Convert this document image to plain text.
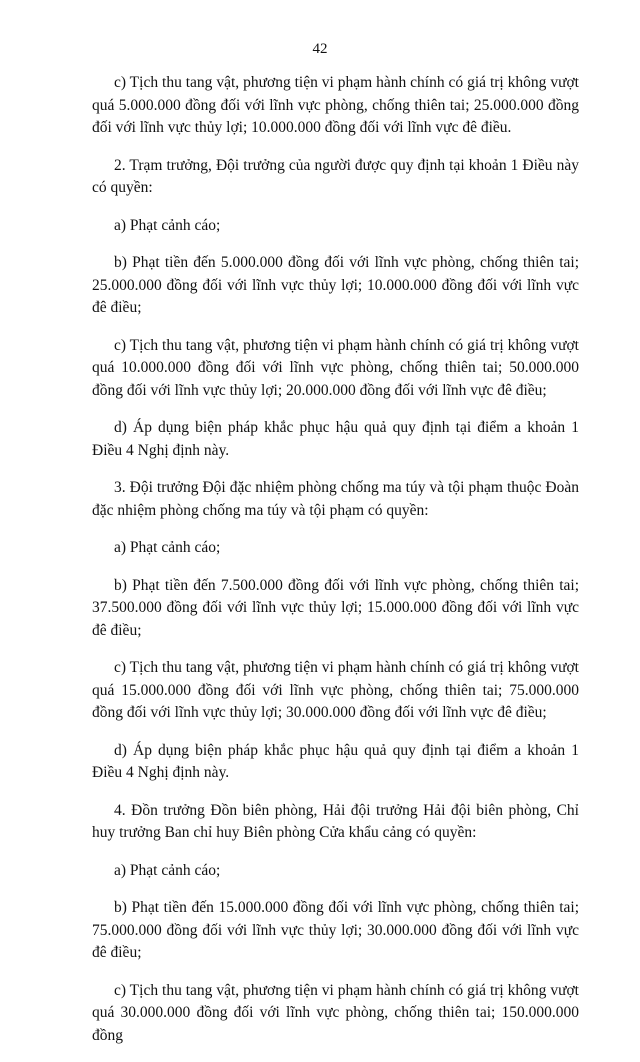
42

c) Tịch thu tang vật, phương tiện vi phạm hành chính có giá trị không vượt quá 5.000.000 đồng đối với lĩnh vực phòng, chống thiên tai; 25.000.000 đồng đối với lĩnh vực thủy lợi; 10.000.000 đồng đối với lĩnh vực đê điều.

2. Trạm trưởng, Đội trưởng của người được quy định tại khoản 1 Điều này có quyền:

a) Phạt cảnh cáo;

b) Phạt tiền đến 5.000.000 đồng đối với lĩnh vực phòng, chống thiên tai; 25.000.000 đồng đối với lĩnh vực thủy lợi; 10.000.000 đồng đối với lĩnh vực đê điều;

c) Tịch thu tang vật, phương tiện vi phạm hành chính có giá trị không vượt quá 10.000.000 đồng đối với lĩnh vực phòng, chống thiên tai; 50.000.000 đồng đối với lĩnh vực thủy lợi; 20.000.000 đồng đối với lĩnh vực đê điều;

d) Áp dụng biện pháp khắc phục hậu quả quy định tại điểm a khoản 1 Điều 4 Nghị định này.

3. Đội trưởng Đội đặc nhiệm phòng chống ma túy và tội phạm thuộc Đoàn đặc nhiệm phòng chống ma túy và tội phạm có quyền:

a) Phạt cảnh cáo;

b) Phạt tiền đến 7.500.000 đồng đối với lĩnh vực phòng, chống thiên tai; 37.500.000 đồng đối với lĩnh vực thủy lợi; 15.000.000 đồng đối với lĩnh vực đê điều;

c) Tịch thu tang vật, phương tiện vi phạm hành chính có giá trị không vượt quá 15.000.000 đồng đối với lĩnh vực phòng, chống thiên tai; 75.000.000 đồng đối với lĩnh vực thủy lợi; 30.000.000 đồng đối với lĩnh vực đê điều;

d) Áp dụng biện pháp khắc phục hậu quả quy định tại điểm a khoản 1 Điều 4 Nghị định này.

4. Đồn trưởng Đồn biên phòng, Hải đội trưởng Hải đội biên phòng, Chỉ huy trưởng Ban chỉ huy Biên phòng Cửa khẩu cảng có quyền:

a) Phạt cảnh cáo;

b) Phạt tiền đến 15.000.000 đồng đối với lĩnh vực phòng, chống thiên tai; 75.000.000 đồng đối với lĩnh vực thủy lợi; 30.000.000 đồng đối với lĩnh vực đê điều;

c) Tịch thu tang vật, phương tiện vi phạm hành chính có giá trị không vượt quá 30.000.000 đồng đối với lĩnh vực phòng, chống thiên tai; 150.000.000 đồng
